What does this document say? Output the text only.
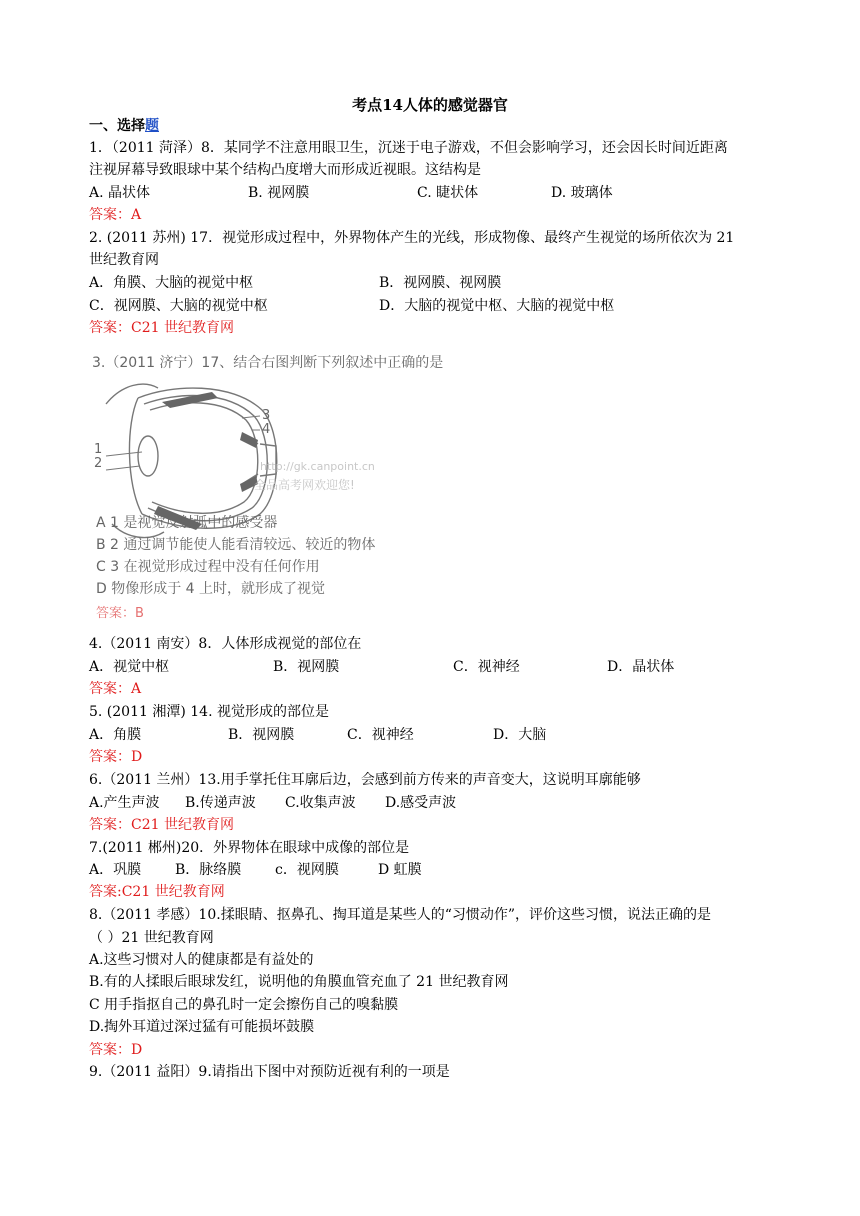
考点14人体的感觉器官
一、选择题
1．（2011 菏泽）8．某同学不注意用眼卫生，沉迷于电子游戏，不但会影响学习，还会因长时间近距离
注视屏幕导致眼球中某个结构凸度增大而形成近视眼。这结构是
A. 晶状体	B. 视网膜	C. 睫状体	D. 玻璃体
答案：A
2. (2011 苏州) 17．视觉形成过程中，外界物体产生的光线，形成物像、最终产生视觉的场所依次为 21
世纪教育网
A．角膜、大脑的视觉中枢	B．视网膜、视网膜
C．视网膜、大脑的视觉中枢	D．大脑的视觉中枢、大脑的视觉中枢
答案：C21 世纪教育网
3.（2011 济宁）17、结合右图判断下列叙述中正确的是
1
2
3
4
http://gk.canpoint.cn
全品高考网欢迎您!
A 1 是视觉反射弧中的感受器
B 2 通过调节能使人能看清较远、较近的物体
C 3 在视觉形成过程中没有任何作用
D 物像形成于 4 上时，就形成了视觉
答案：B
4.（2011 南安）8．人体形成视觉的部位在
A．视觉中枢	B．视网膜	C．视神经	D．晶状体
答案：A
5. (2011 湘潭) 14. 视觉形成的部位是
A．角膜	B．视网膜	C．视神经	D．大脑
答案：D
6.（2011 兰州）13.用手掌托住耳廓后边，会感到前方传来的声音变大，这说明耳廓能够
A.产生声波 B.传递声波 C.收集声波 D.感受声波
答案：C21 世纪教育网
7.(2011 郴州)20．外界物体在眼球中成像的部位是
A．巩膜 B．脉络膜 c．视网膜	D 虹膜
答案:C21 世纪教育网
8.（2011 孝感）10.揉眼睛、抠鼻孔、掏耳道是某些人的“习惯动作”，评价这些习惯，说法正确的是
（ ）21 世纪教育网
A.这些习惯对人的健康都是有益处的
B.有的人揉眼后眼球发红，说明他的角膜血管充血了 21 世纪教育网
C 用手指抠自己的鼻孔时一定会擦伤自己的嗅黏膜
D.掏外耳道过深过猛有可能损坏鼓膜
答案：D
9.（2011 益阳）9.请指出下图中对预防近视有利的一项是
